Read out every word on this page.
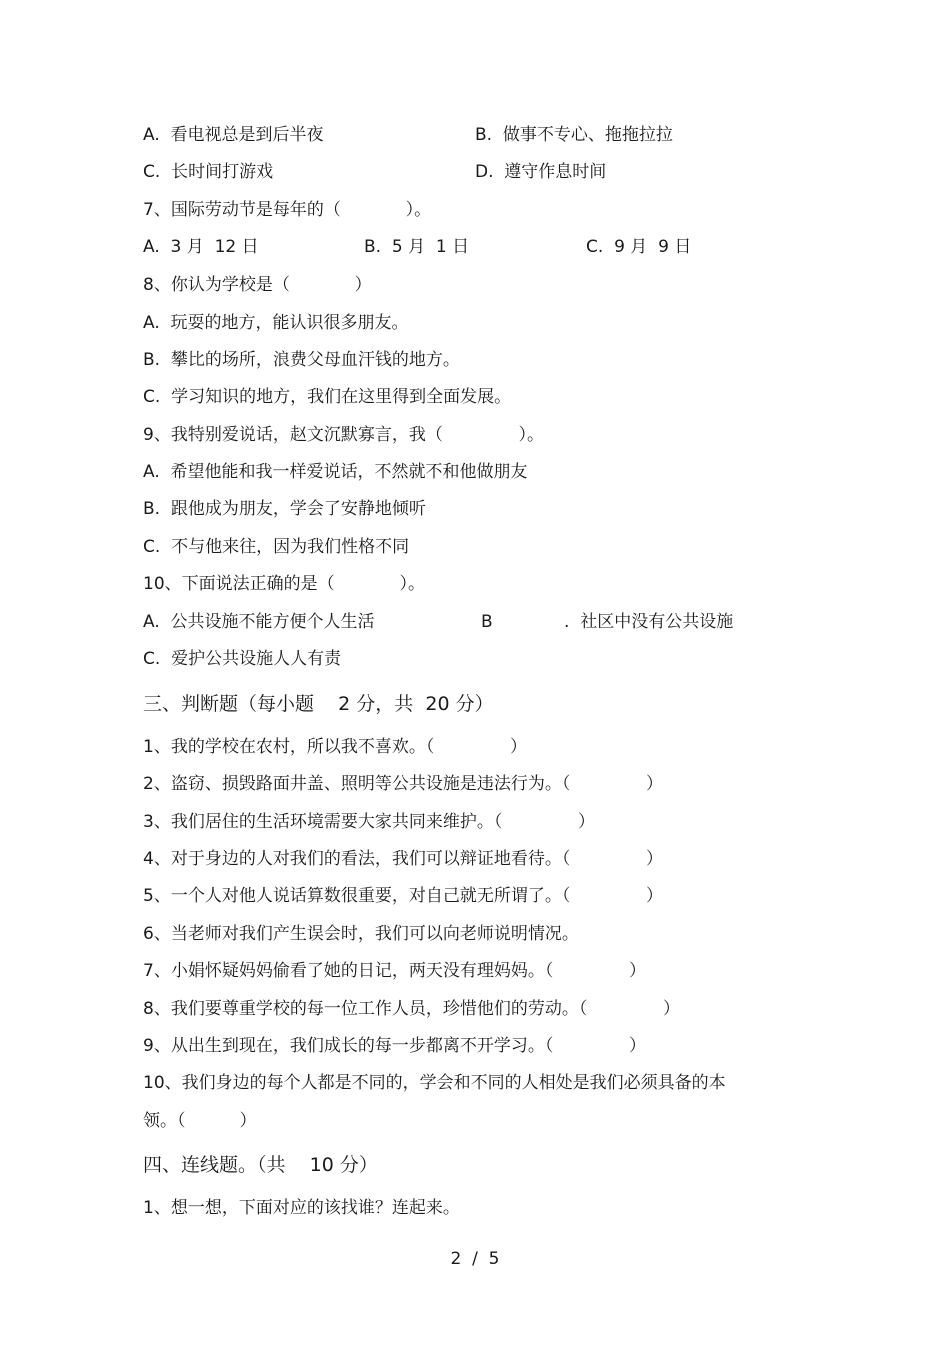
A.  看电视总是到后半夜	B.  做事不专心、拖拖拉拉
C.  长时间打游戏	D.  遵守作息时间
7、国际劳动节是每年的（            ）。
A.  3 月  12 日	B.  5 月  1 日	C.  9 月  9 日
8、你认为学校是（            ）
A.  玩耍的地方，能认识很多朋友。
B.  攀比的场所，浪费父母血汗钱的地方。
C.  学习知识的地方，我们在这里得到全面发展。
9、我特别爱说话，赵文沉默寡言，我（              ）。
A.  希望他能和我一样爱说话，不然就不和他做朋友
B.  跟他成为朋友，学会了安静地倾听
C.  不与他来往，因为我们性格不同
10、下面说法正确的是（            ）。
A.  公共设施不能方便个人生活	B	.  社区中没有公共设施
C.  爱护公共设施人人有责
三、判断题（每小题    2 分，共  20 分）
1、我的学校在农村，所以我不喜欢。（              ）
2、盗窃、损毁路面井盖、照明等公共设施是违法行为。（              ）
3、我们居住的生活环境需要大家共同来维护。（              ）
4、对于身边的人对我们的看法，我们可以辩证地看待。（              ）
5、一个人对他人说话算数很重要，对自己就无所谓了。（              ）
6、当老师对我们产生误会时，我们可以向老师说明情况。
7、小娟怀疑妈妈偷看了她的日记，两天没有理妈妈。（              ）
8、我们要尊重学校的每一位工作人员，珍惜他们的劳动。（              ）
9、从出生到现在，我们成长的每一步都离不开学习。（              ）
10、我们身边的每个人都是不同的，学会和不同的人相处是我们必须具备的本
领。（          ）
四、连线题。（共    10 分）
1、想一想，下面对应的该找谁？连起来。
2  /  5
